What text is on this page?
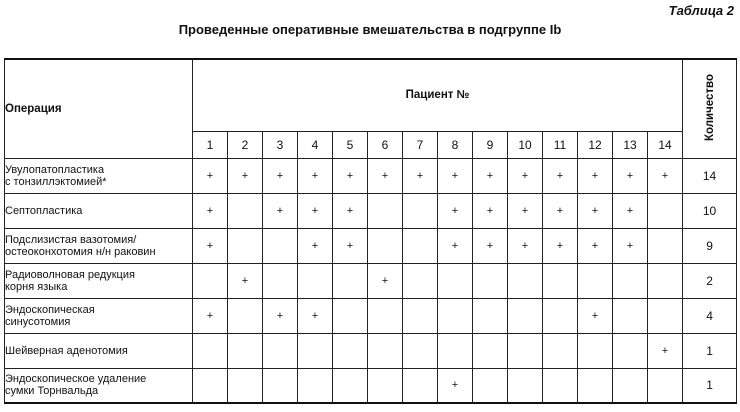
Таблица 2
Проведенные оперативные вмешательства в подгруппе Ib
Операция	Пациент №														Количество
	1	2	3	4	5	6	7	8	9	10	11	12	13	14	

Увулопатопластика
с тонзиллэктомией*	+	+	+	+	+	+	+	+	+	+	+	+	+	+	14

Септопластика	+		+	+	+			+	+	+	+	+	+		10

Подслизистая вазотомия/
остеоконхотомия н/н раковин	+			+	+			+	+	+	+	+	+		9

Радиоволновая редукция
корня языка		+				+									2

Эндоскопическая
синусотомия	+		+	+								+			4

Шейверная аденотомия														+	1

Эндоскопическое удаление
сумки Торнвальда								+							1
